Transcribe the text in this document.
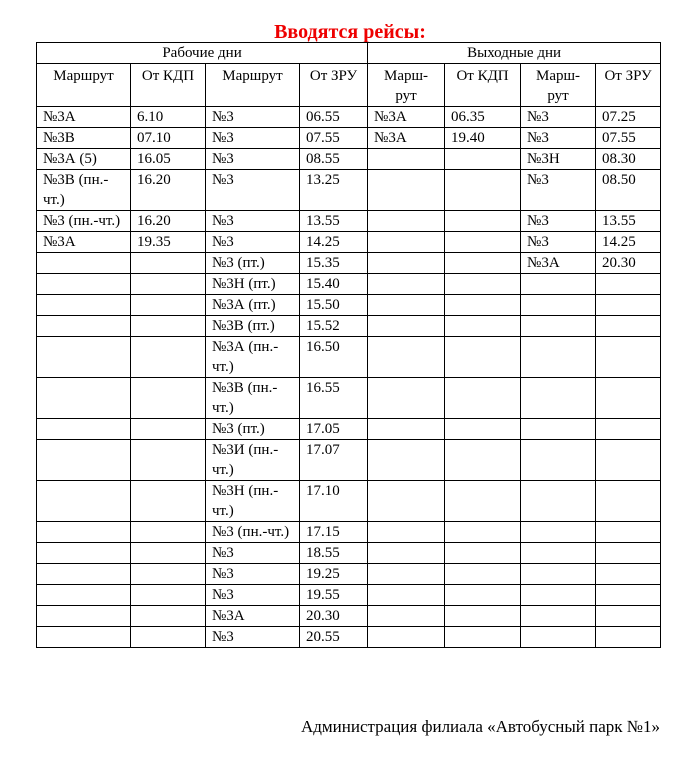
Вводятся рейсы:
Рабочие дни				Выходные дни			
Маршрут	От КДП	Маршрут	От ЗРУ	Марш-рут	От КДП	Марш-рут	От ЗРУ
№3А	6.10	№3	06.55	№3А	06.35	№3	07.25
№3В	07.10	№3	07.55	№3А	19.40	№3	07.55
№3А (5)	16.05	№3	08.55			№3Н	08.30
№3В (пн.-чт.)	16.20	№3	13.25			№3	08.50
№3 (пн.-чт.)	16.20	№3	13.55			№3	13.55
№3А	19.35	№3	14.25			№3	14.25
		№3 (пт.)	15.35			№3А	20.30
		№3Н (пт.)	15.40				
		№3А (пт.)	15.50				
		№3В (пт.)	15.52				
		№3А (пн.-чт.)	16.50				
		№3В (пн.-чт.)	16.55				
		№3 (пт.)	17.05				
		№3И (пн.-чт.)	17.07				
		№3Н (пн.-чт.)	17.10				
		№3 (пн.-чт.)	17.15				
		№3	18.55				
		№3	19.25				
		№3	19.55				
		№3А	20.30				
		№3	20.55				
Администрация филиала «Автобусный парк №1»
